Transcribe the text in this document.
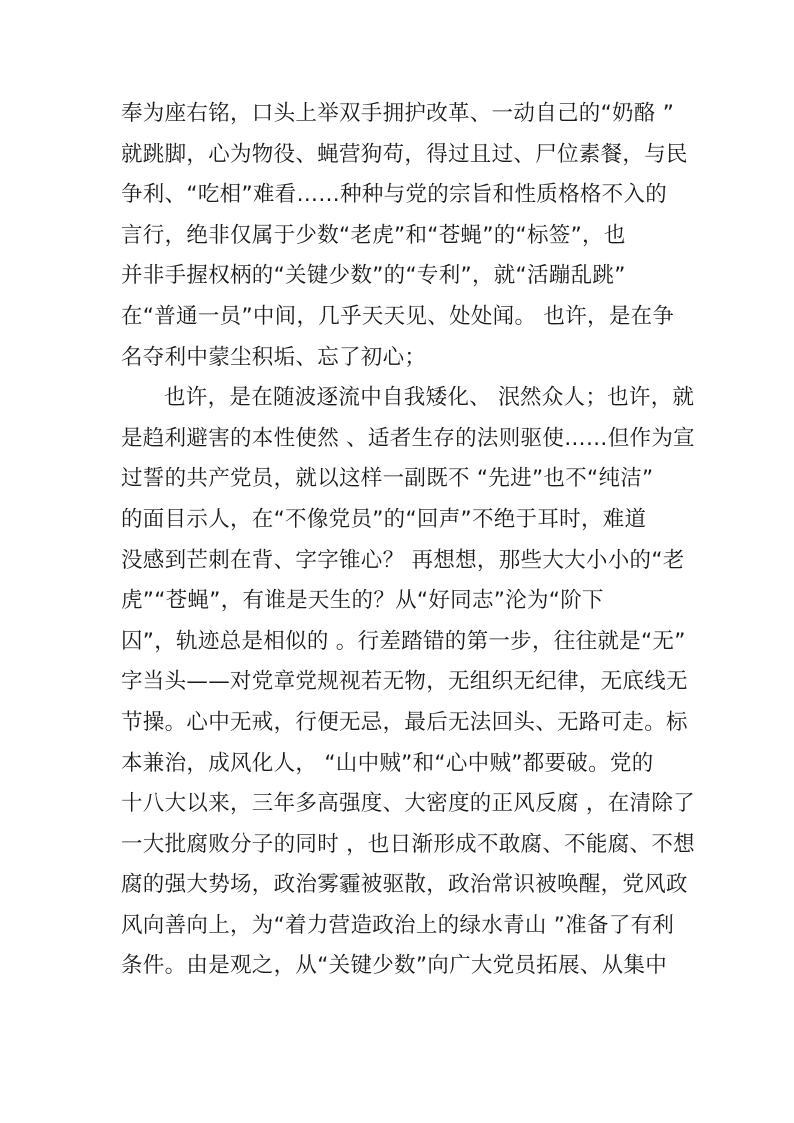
奉为座右铭，口头上举双手拥护改革、一动自己的“奶酪 ”
就跳脚，心为物役、蝇营狗苟，得过且过、尸位素餐，与民
争利、“吃相”难看……种种与党的宗旨和性质格格不入的
言行，绝非仅属于少数“老虎”和“苍蝇”的“标签”，也
并非手握权柄的“关键少数”的“专利”，就“活蹦乱跳”
在“普通一员”中间，几乎天天见、处处闻。 也许，是在争
名夺利中蒙尘积垢、忘了初心；
也许，是在随波逐流中自我矮化、 泯然众人；也许，就
是趋利避害的本性使然 、适者生存的法则驱使……但作为宣
过誓的共产党员，就以这样一副既不 “先进”也不“纯洁”
的面目示人，在“不像党员”的“回声”不绝于耳时，难道
没感到芒刺在背、字字锥心？ 再想想，那些大大小小的“老
虎”“苍蝇”，有谁是天生的？从“好同志”沦为“阶下
囚”，轨迹总是相似的 。行差踏错的第一步，往往就是“无”
字当头——对党章党规视若无物，无组织无纪律，无底线无
节操。心中无戒，行便无忌，最后无法回头、无路可走。标
本兼治，成风化人， “山中贼”和“心中贼”都要破。党的
十八大以来，三年多高强度、大密度的正风反腐 ，在清除了
一大批腐败分子的同时 ，也日渐形成不敢腐、不能腐、不想
腐的强大势场，政治雾霾被驱散，政治常识被唤醒，党风政
风向善向上，为“着力营造政治上的绿水青山 ”准备了有利
条件。由是观之，从“关键少数”向广大党员拓展、从集中
